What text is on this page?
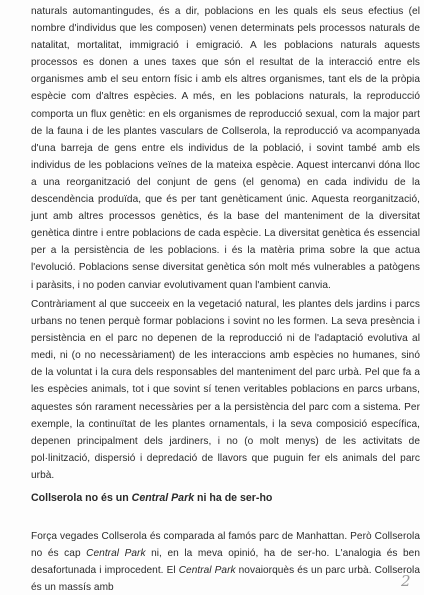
naturals automantingudes, és a dir, poblacions en les quals els seus efectius (el nombre d'individus que les composen) venen determinats pels processos naturals de natalitat, mortalitat, immigració i emigració. A les poblacions naturals aquests processos es donen a unes taxes que són el resultat de la interacció entre els organismes amb el seu entorn físic i amb els altres organismes, tant els de la pròpia espècie com d'altres espècies. A més, en les poblacions naturals, la reproducció comporta un flux genètic: en els organismes de reproducció sexual, com la major part de la fauna i de les plantes vasculars de Collserola, la reproducció va acompanyada d'una barreja de gens entre els individus de la població, i sovint també amb els individus de les poblacions veïnes de la mateixa espècie. Aquest intercanvi dóna lloc a una reorganització del conjunt de gens (el genoma) en cada individu de la descendència produïda, que és per tant genèticament únic. Aquesta reorganització, junt amb altres processos genètics, és la base del manteniment de la diversitat genètica dintre i entre poblacions de cada espècie. La diversitat genètica és essencial per a la persistència de les poblacions. i és la matèria prima sobre la que actua l'evolució. Poblacions sense diversitat genètica són molt més vulnerables a patògens i paràsits, i no poden canviar evolutivament quan l'ambient canvia.

Contràriament al que succeeix en la vegetació natural, les plantes dels jardins i parcs urbans no tenen perquè formar poblacions i sovint no les formen. La seva presència i persistència en el parc no depenen de la reproducció ni de l'adaptació evolutiva al medi, ni (o no necessàriament) de les interaccions amb espècies no humanes, sinó de la voluntat i la cura dels responsables del manteniment del parc urbà. Pel que fa a les espècies animals, tot i que sovint sí tenen veritables poblacions en parcs urbans, aquestes són rarament necessàries per a la persistència del parc com a sistema. Per exemple, la continuïtat de les plantes ornamentals, i la seva composició específica, depenen principalment dels jardiners, i no (o molt menys) de les activitats de pol·linització, dispersió i depredació de llavors que puguin fer els animals del parc urbà.

Collserola no és un Central Park ni ha de ser-ho

Força vegades Collserola és comparada al famós parc de Manhattan. Però Collserola no és cap Central Park ni, en la meva opinió, ha de ser-ho. L'analogia és ben desafortunada i improcedent. El Central Park novaiorquès és un parc urbà. Collserola és un massís amb	2
